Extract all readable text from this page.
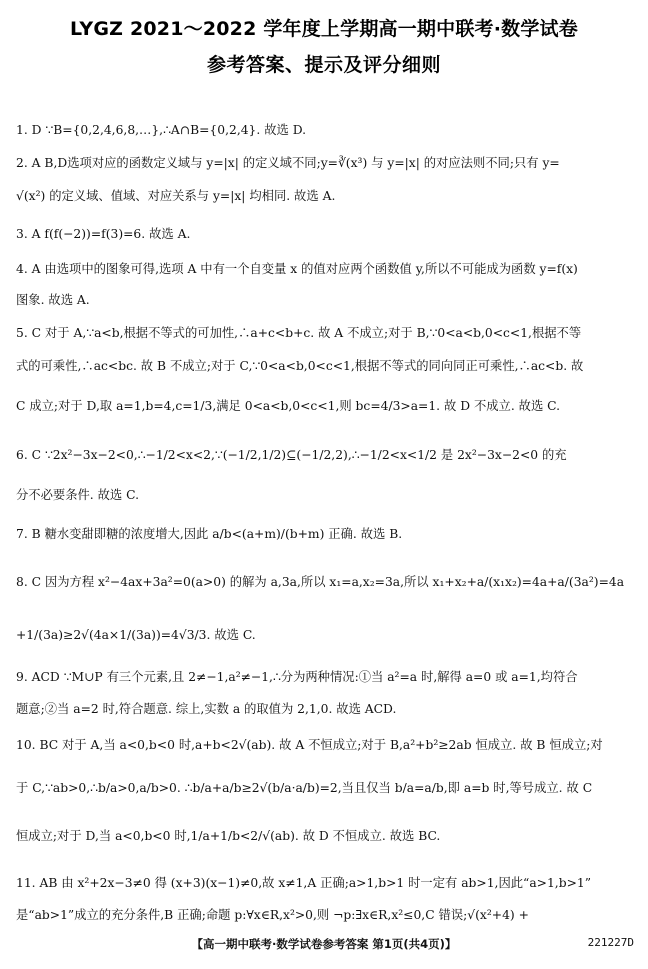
LYGZ 2021～2022 学年度上学期高一期中联考·数学试卷
参考答案、提示及评分细则
1. D ∵B={0,2,4,6,8,…},∴A∩B={0,2,4}. 故选 D.
2. A B,D选项对应的函数定义域与 y=|x| 的定义域不同;y=∛(x³) 与 y=|x| 的对应法则不同;只有 y=
√(x²) 的定义域、值域、对应关系与 y=|x| 均相同. 故选 A.
3. A f(f(−2))=f(3)=6. 故选 A.
4. A 由选项中的图象可得,选项 A 中有一个自变量 x 的值对应两个函数值 y,所以不可能成为函数 y=f(x)
图象. 故选 A.
5. C 对于 A,∵a<b,根据不等式的可加性,∴a+c<b+c. 故 A 不成立;对于 B,∵0<a<b,0<c<1,根据不等
式的可乘性,∴ac<bc. 故 B 不成立;对于 C,∵0<a<b,0<c<1,根据不等式的同向同正可乘性,∴ac<b. 故
C 成立;对于 D,取 a=1,b=4,c=1/3,满足 0<a<b,0<c<1,则 bc=4/3>a=1. 故 D 不成立. 故选 C.
6. C ∵2x²−3x−2<0,∴−1/2<x<2,∵(−1/2,1/2)⊆(−1/2,2),∴−1/2<x<1/2 是 2x²−3x−2<0 的充
分不必要条件. 故选 C.
7. B 糖水变甜即糖的浓度增大,因此 a/b<(a+m)/(b+m) 正确. 故选 B.
8. C 因为方程 x²−4ax+3a²=0(a>0) 的解为 a,3a,所以 x₁=a,x₂=3a,所以 x₁+x₂+a/(x₁x₂)=4a+a/(3a²)=4a
+1/(3a)≥2√(4a×1/(3a))=4√3/3. 故选 C.
9. ACD ∵M∪P 有三个元素,且 2≠−1,a²≠−1,∴分为两种情况:①当 a²=a 时,解得 a=0 或 a=1,均符合
题意;②当 a=2 时,符合题意. 综上,实数 a 的取值为 2,1,0. 故选 ACD.
10. BC 对于 A,当 a<0,b<0 时,a+b<2√(ab). 故 A 不恒成立;对于 B,a²+b²≥2ab 恒成立. 故 B 恒成立;对
于 C,∵ab>0,∴b/a>0,a/b>0. ∴b/a+a/b≥2√(b/a·a/b)=2,当且仅当 b/a=a/b,即 a=b 时,等号成立. 故 C
恒成立;对于 D,当 a<0,b<0 时,1/a+1/b<2/√(ab). 故 D 不恒成立. 故选 BC.
11. AB 由 x²+2x−3≠0 得 (x+3)(x−1)≠0,故 x≠1,A 正确;a>1,b>1 时一定有 ab>1,因此“a>1,b>1”
是“ab>1”成立的充分条件,B 正确;命题 p:∀x∈R,x²>0,则 ¬p:∃x∈R,x²≤0,C 错误;√(x²+4) +
【高一期中联考·数学试卷参考答案 第1页(共4页)】	221227D
